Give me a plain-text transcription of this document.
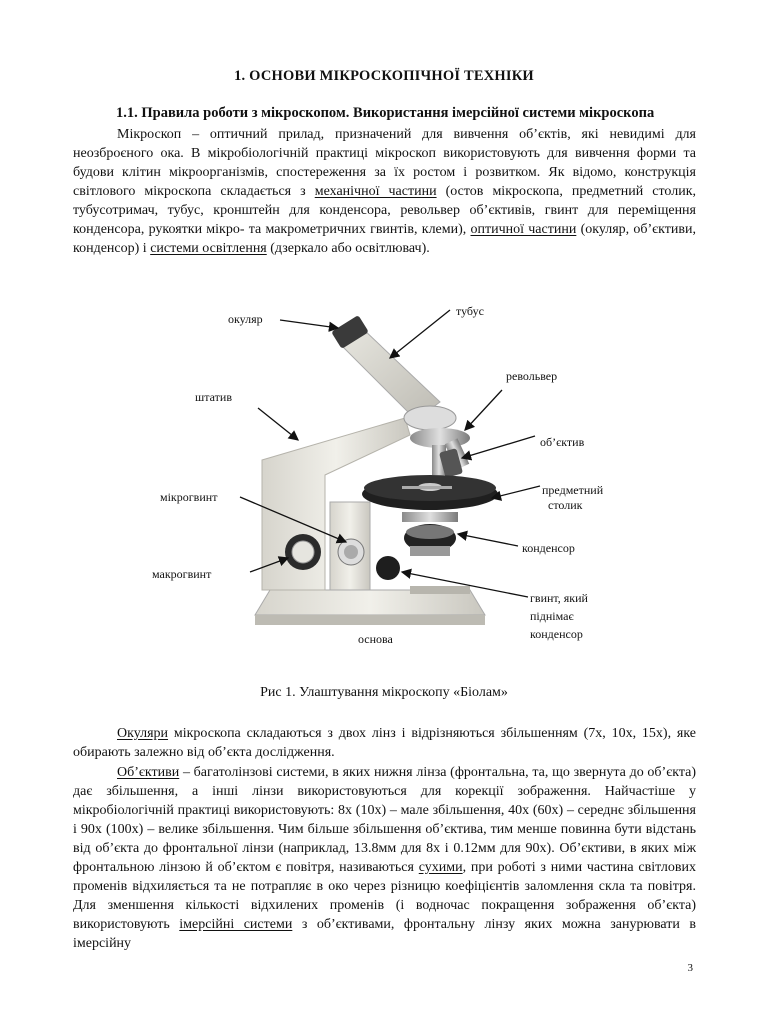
1. ОСНОВИ МІКРОСКОПІЧНОЇ ТЕХНІКИ
1.1. Правила роботи з мікроскопом. Використання імерсійної системи мікроскопа

Мікроскоп – оптичний прилад, призначений для вивчення об’єктів, які невидимі для неозброєного ока. В мікробіологічній практиці мікроскоп використовують для вивчення форми та будови клітин мікроорганізмів, спостереження за їх ростом і розвитком. Як відомо, конструкція світлового мікроскопа складається з механічної частини (остов мікроскопа, предметний столик, тубусотримач, тубус, кронштейн для конденсора, револьвер об’єктивів, гвинт для переміщення конденсора, рукоятки мікро- та макрометричних гвинтів, клеми), оптичної частини (окуляр, об’єктиви, конденсор) і системи освітлення (дзеркало або освітлювач).

окуляр
тубус
револьвер
штатив
об’єктив
мікрогвинт	предметний
столик
конденсор
макрогвинт
гвинт, який
піднімає
конденсор
основа
Рис 1. Улаштування мікроскопу «Біолам»

Окуляри мікроскопа складаються з двох лінз і відрізняються збільшенням (7х, 10х, 15х), яке обирають залежно від об’єкта дослідження.

Об’єктиви – багатолінзові системи, в яких нижня лінза (фронтальна, та, що звернута до об’єкта) дає збільшення, а інші лінзи використовуються для корекції зображення. Найчастіше у мікробіологічній практиці використовують: 8х (10х) – мале збільшення, 40х (60х) – середнє збільшення і 90х (100х) – велике збільшення. Чим більше збільшення об’єктива, тим менше повинна бути відстань від об’єкта до фронтальної лінзи (наприклад, 13.8мм для 8х і 0.12мм для 90х). Об’єктиви, в яких між фронтальною лінзою й об’єктом є повітря, називаються сухими, при роботі з ними частина світлових променів відхиляється та не потрапляє в око через різницю коефіцієнтів заломлення скла та повітря. Для зменшення кількості відхилених променів (і водночас покращення зображення об’єкта) використовують імерсійні системи з об’єктивами, фронтальну лінзу яких можна занурювати в імерсійну

3
